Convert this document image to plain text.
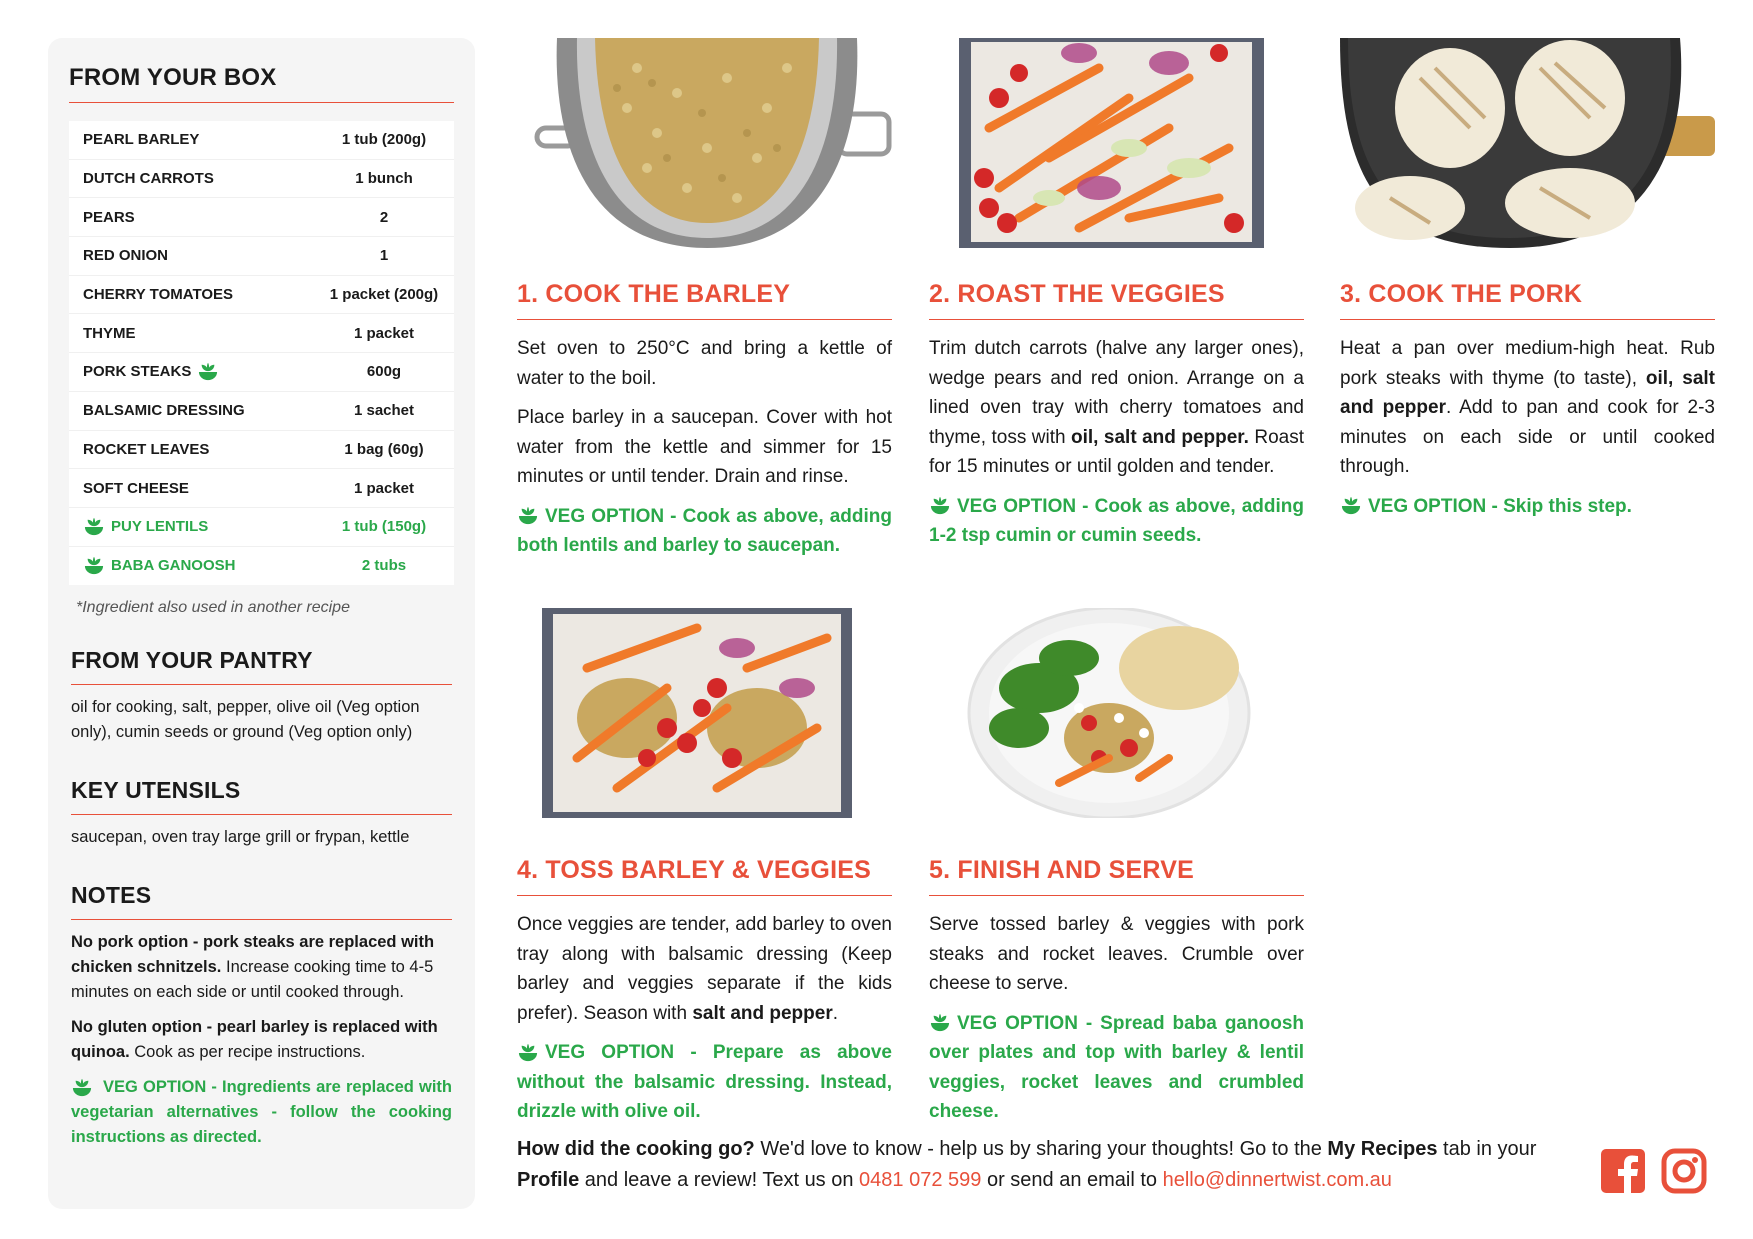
FROM YOUR BOX
PEARL BARLEY	1 tub (200g)
DUTCH CARROTS	1 bunch
PEARS	2
RED ONION	1
CHERRY TOMATOES	1 packet (200g)
THYME	1 packet
PORK STEAKS	600g
BALSAMIC DRESSING	1 sachet
ROCKET LEAVES	1 bag (60g)
SOFT CHEESE	1 packet
PUY LENTILS	1 tub (150g)
BABA GANOOSH	2 tubs
*Ingredient also used in another recipe
FROM YOUR PANTRY
oil for cooking, salt, pepper, olive oil (Veg option only), cumin seeds or ground (Veg option only)
KEY UTENSILS
saucepan, oven tray large grill or frypan, kettle
NOTES
No pork option - pork steaks are replaced with chicken schnitzels. Increase cooking time to 4-5 minutes on each side or until cooked through.
No gluten option - pearl barley is replaced with quinoa. Cook as per recipe instructions.
VEG OPTION - Ingredients are replaced with vegetarian alternatives - follow the cooking instructions as directed.
1. COOK THE BARLEY

Set oven to 250°C and bring a kettle of water to the boil.

Place barley in a saucepan. Cover with hot water from the kettle and simmer for 15 minutes or until tender. Drain and rinse.

VEG OPTION - Cook as above, adding both lentils and barley to saucepan.

2. ROAST THE VEGGIES

Trim dutch carrots (halve any larger ones), wedge pears and red onion. Arrange on a lined oven tray with cherry tomatoes and thyme, toss with oil, salt and pepper. Roast for 15 minutes or until golden and tender.

VEG OPTION - Cook as above, adding 1-2 tsp cumin or cumin seeds.

3. COOK THE PORK

Heat a pan over medium-high heat. Rub pork steaks with thyme (to taste), oil, salt and pepper. Add to pan and cook for 2-3 minutes on each side or until cooked through.

VEG OPTION - Skip this step.

4. TOSS BARLEY & VEGGIES

Once veggies are tender, add barley to oven tray along with balsamic dressing (Keep barley and veggies separate if the kids prefer). Season with salt and pepper.

VEG OPTION - Prepare as above without the balsamic dressing. Instead, drizzle with olive oil.

5. FINISH AND SERVE

Serve tossed barley & veggies with pork steaks and rocket leaves. Crumble over cheese to serve.

VEG OPTION - Spread baba ganoosh over plates and top with barley & lentil veggies, rocket leaves and crumbled cheese.

How did the cooking go? We'd love to know - help us by sharing your thoughts! Go to the My Recipes tab in your Profile and leave a review! Text us on 0481 072 599 or send an email to hello@dinnertwist.com.au
